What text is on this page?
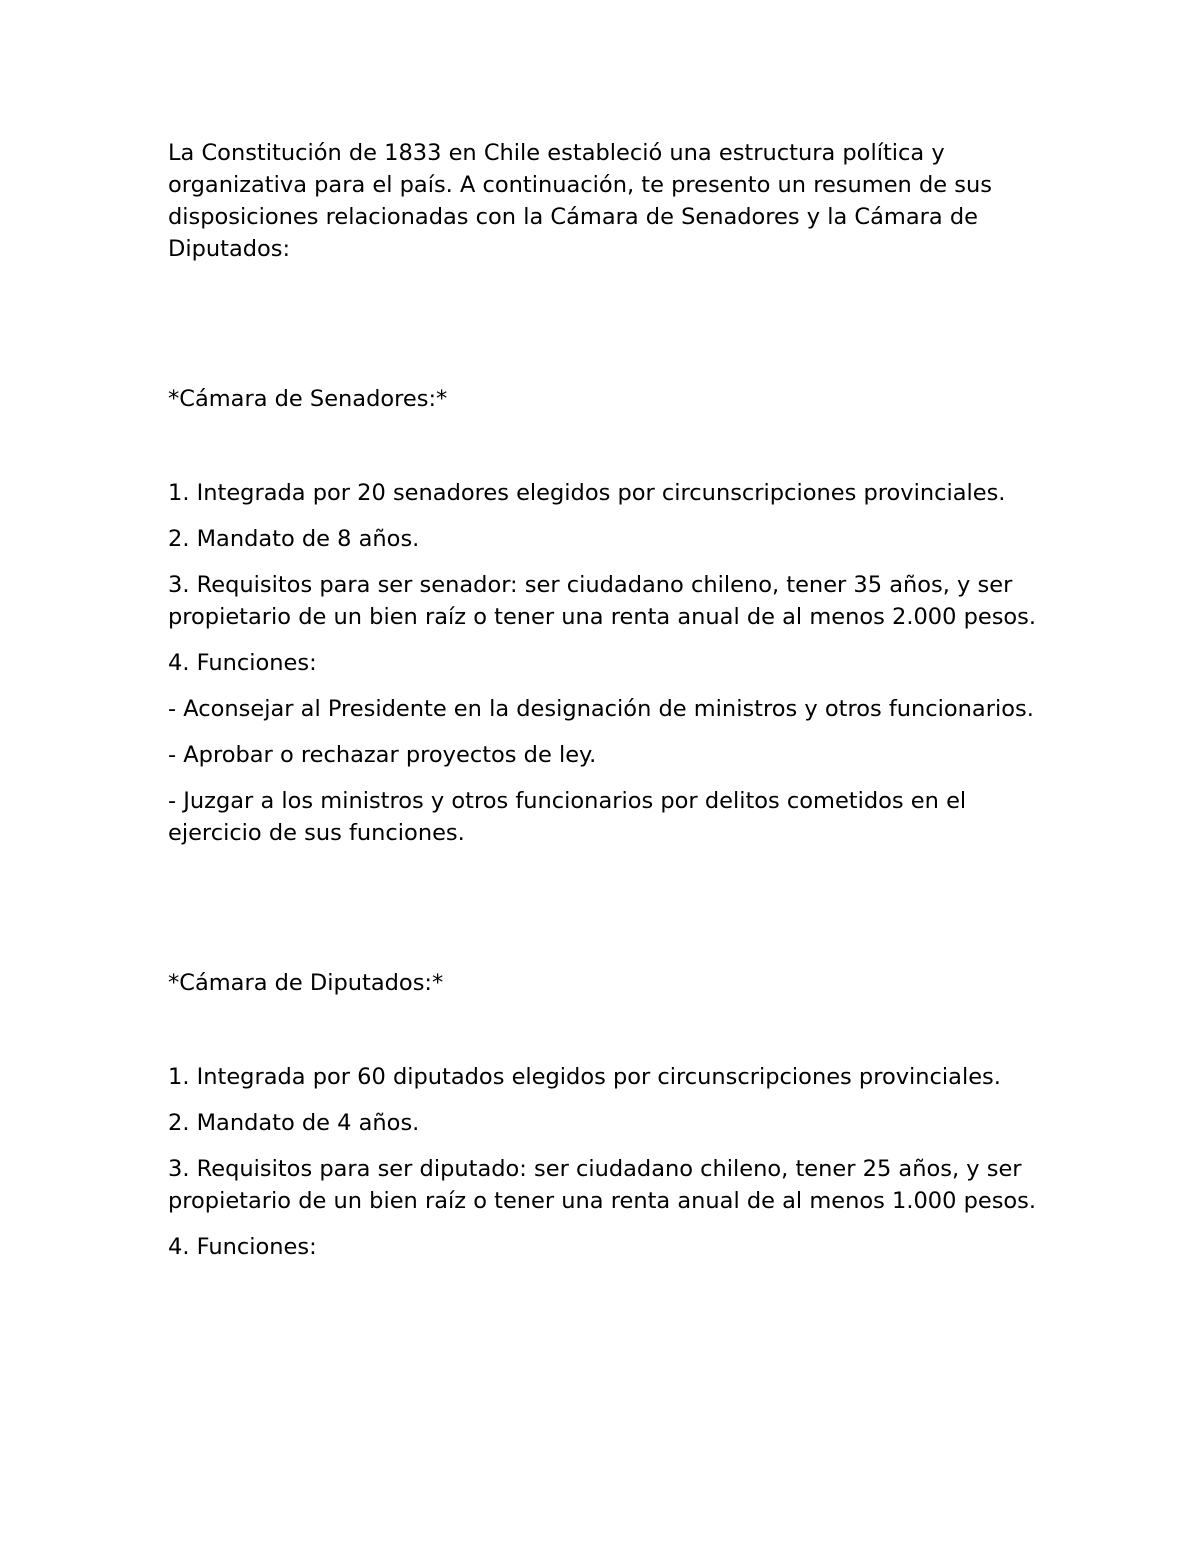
La Constitución de 1833 en Chile estableció una estructura política y organizativa para el país. A continuación, te presento un resumen de sus disposiciones relacionadas con la Cámara de Senadores y la Cámara de Diputados:

*Cámara de Senadores:*

1. Integrada por 20 senadores elegidos por circunscripciones provinciales.

2. Mandato de 8 años.

3. Requisitos para ser senador: ser ciudadano chileno, tener 35 años, y ser propietario de un bien raíz o tener una renta anual de al menos 2.000 pesos.

4. Funciones:

- Aconsejar al Presidente en la designación de ministros y otros funcionarios.

- Aprobar o rechazar proyectos de ley.

- Juzgar a los ministros y otros funcionarios por delitos cometidos en el ejercicio de sus funciones.

*Cámara de Diputados:*

1. Integrada por 60 diputados elegidos por circunscripciones provinciales.

2. Mandato de 4 años.

3. Requisitos para ser diputado: ser ciudadano chileno, tener 25 años, y ser propietario de un bien raíz o tener una renta anual de al menos 1.000 pesos.

4. Funciones:
